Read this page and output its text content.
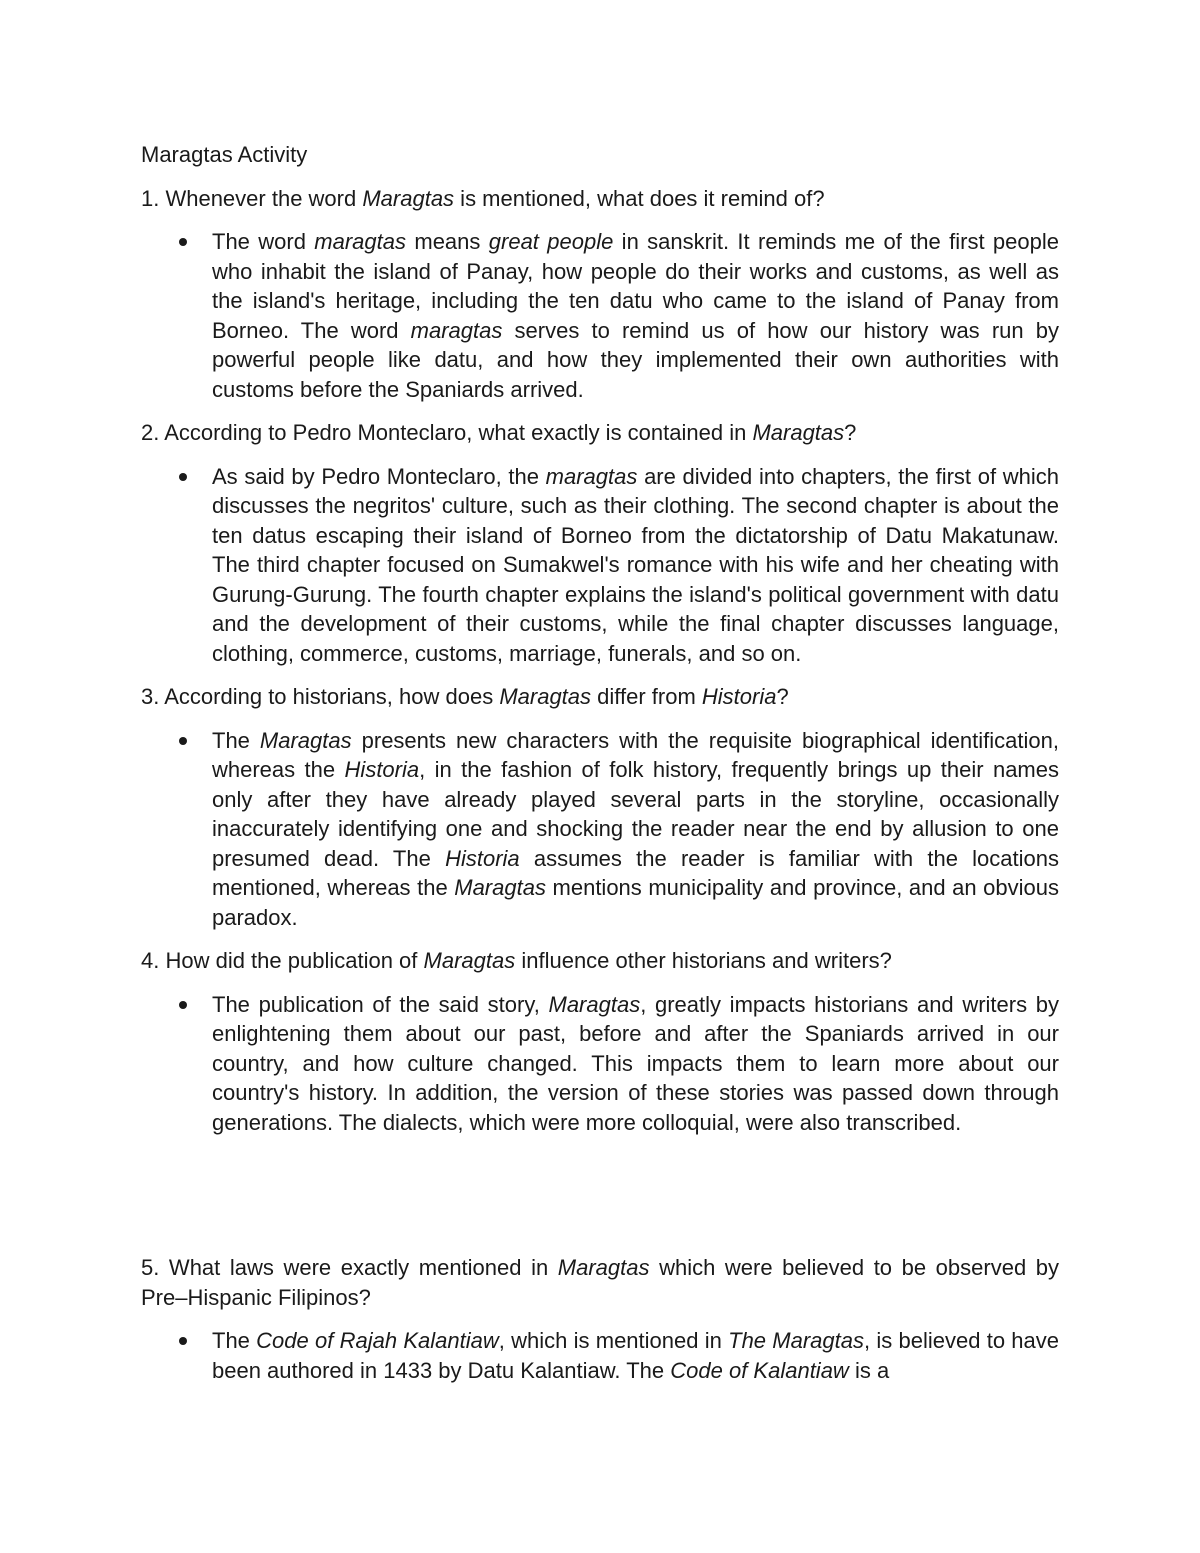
Maragtas Activity

1. Whenever the word Maragtas is mentioned, what does it remind of?

The word maragtas means great people in sanskrit. It reminds me of the first people who inhabit the island of Panay, how people do their works and customs, as well as the island's heritage, including the ten datu who came to the island of Panay from Borneo. The word maragtas serves to remind us of how our history was run by powerful people like datu, and how they implemented their own authorities with customs before the Spaniards arrived.

2. According to Pedro Monteclaro, what exactly is contained in Maragtas?

As said by Pedro Monteclaro, the maragtas are divided into chapters, the first of which discusses the negritos' culture, such as their clothing. The second chapter is about the ten datus escaping their island of Borneo from the dictatorship of Datu Makatunaw. The third chapter focused on Sumakwel's romance with his wife and her cheating with Gurung-Gurung. The fourth chapter explains the island's political government with datu and the development of their customs, while the final chapter discusses language, clothing, commerce, customs, marriage, funerals, and so on.

3. According to historians, how does Maragtas differ from Historia?

The Maragtas presents new characters with the requisite biographical identification, whereas the Historia, in the fashion of folk history, frequently brings up their names only after they have already played several parts in the storyline, occasionally inaccurately identifying one and shocking the reader near the end by allusion to one presumed dead. The Historia assumes the reader is familiar with the locations mentioned, whereas the Maragtas mentions municipality and province, and an obvious paradox.

4. How did the publication of Maragtas influence other historians and writers?

The publication of the said story, Maragtas, greatly impacts historians and writers by enlightening them about our past, before and after the Spaniards arrived in our country, and how culture changed. This impacts them to learn more about our country's history. In addition, the version of these stories was passed down through generations. The dialects, which were more colloquial, were also transcribed.

5. What laws were exactly mentioned in Maragtas which were believed to be observed by Pre–Hispanic Filipinos?

The Code of Rajah Kalantiaw, which is mentioned in The Maragtas, is believed to have been authored in 1433 by Datu Kalantiaw. The Code of Kalantiaw is a
